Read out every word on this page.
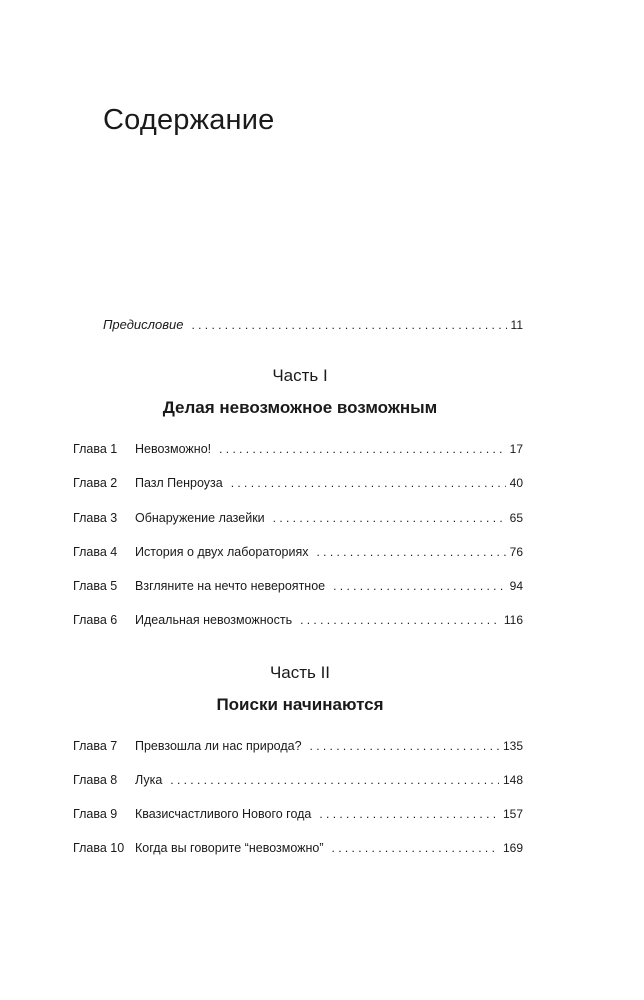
Содержание
Предисловие . . .	11
Часть I
Делая невозможное возможным
Глава 1	Невозможно! . . .	17
Глава 2	Пазл Пенроуза . . .	40
Глава 3	Обнаружение лазейки . . .	65
Глава 4	История о двух лабораториях . . .	76
Глава 5	Взгляните на нечто невероятное . . .	94
Глава 6	Идеальная невозможность . . .	116
Часть II
Поиски начинаются
Глава 7	Превзошла ли нас природа? . . .	135
Глава 8	Лука . . .	148
Глава 9	Квазисчастливого Нового года . . .	157
Глава 10 Когда вы говорите “невозможно” . . .	169
